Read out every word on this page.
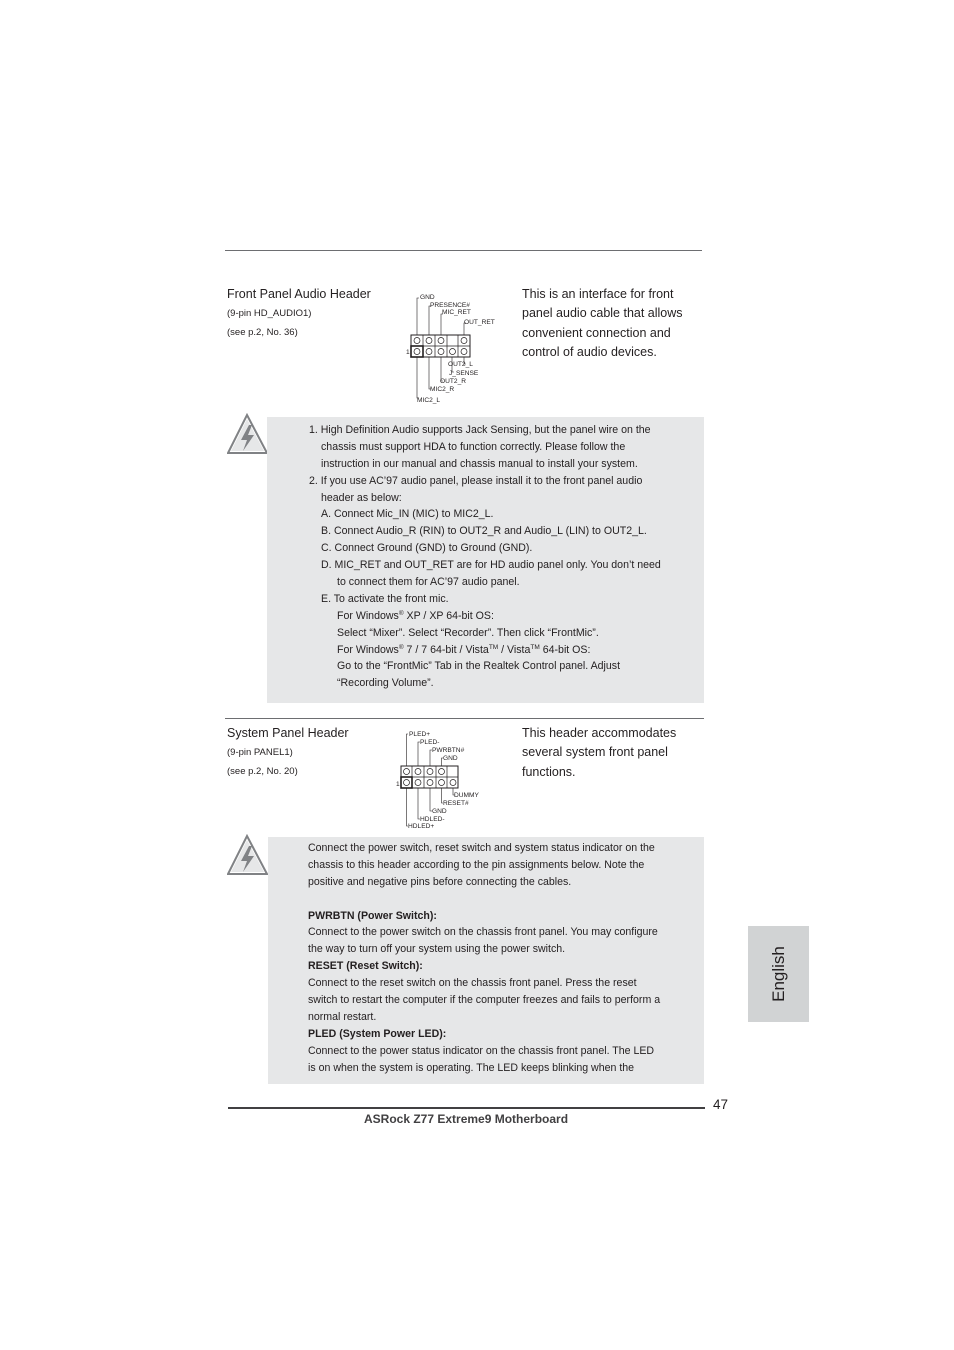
Front Panel Audio Header
(9-pin HD_AUDIO1)
(see p.2, No. 36)
GND
PRESENCE#
MIC_RET
OUT_RET
OUT2_L
J_SENSE
OUT2_R
MIC2_R
MIC2_L
1
This is an interface for front
panel audio cable that allows
convenient connection and
control of audio devices.
1. High Definition Audio supports Jack Sensing, but the panel wire on the
chassis must support HDA to function correctly. Please follow the
instruction in our manual and chassis manual to install your system.
2. If you use AC’97 audio panel, please install it to the front panel audio
header as below:
A. Connect Mic_IN (MIC) to MIC2_L.
B. Connect Audio_R (RIN) to OUT2_R and Audio_L (LIN) to OUT2_L.
C. Connect Ground (GND) to Ground (GND).
D. MIC_RET and OUT_RET are for HD audio panel only. You don’t need
to connect them for AC’97 audio panel.
E. To activate the front mic.
For Windows® XP / XP 64-bit OS:
Select “Mixer”. Select “Recorder”. Then click “FrontMic”.
For Windows® 7 / 7 64-bit / Vista™ / Vista™ 64-bit OS:
Go to the “FrontMic” Tab in the Realtek Control panel. Adjust
“Recording Volume”.
System Panel Header
(9-pin PANEL1)
(see p.2, No. 20)
PLED+
PLED-
PWRBTN#
GND
DUMMY
RESET#
GND
HDLED-
HDLED+
1
This header accommodates
several system front panel
functions.
Connect the power switch, reset switch and system status indicator on the
chassis to this header according to the pin assignments below. Note the
positive and negative pins before connecting the cables.
PWRBTN (Power Switch):
Connect to the power switch on the chassis front panel. You may configure
the way to turn off your system using the power switch.
RESET (Reset Switch):
Connect to the reset switch on the chassis front panel. Press the reset
switch to restart the computer if the computer freezes and fails to perform a
normal restart.
PLED (System Power LED):
Connect to the power status indicator on the chassis front panel. The LED
is on when the system is operating. The LED keeps blinking when the
English
47
ASRock Z77 Extreme9 Motherboard
